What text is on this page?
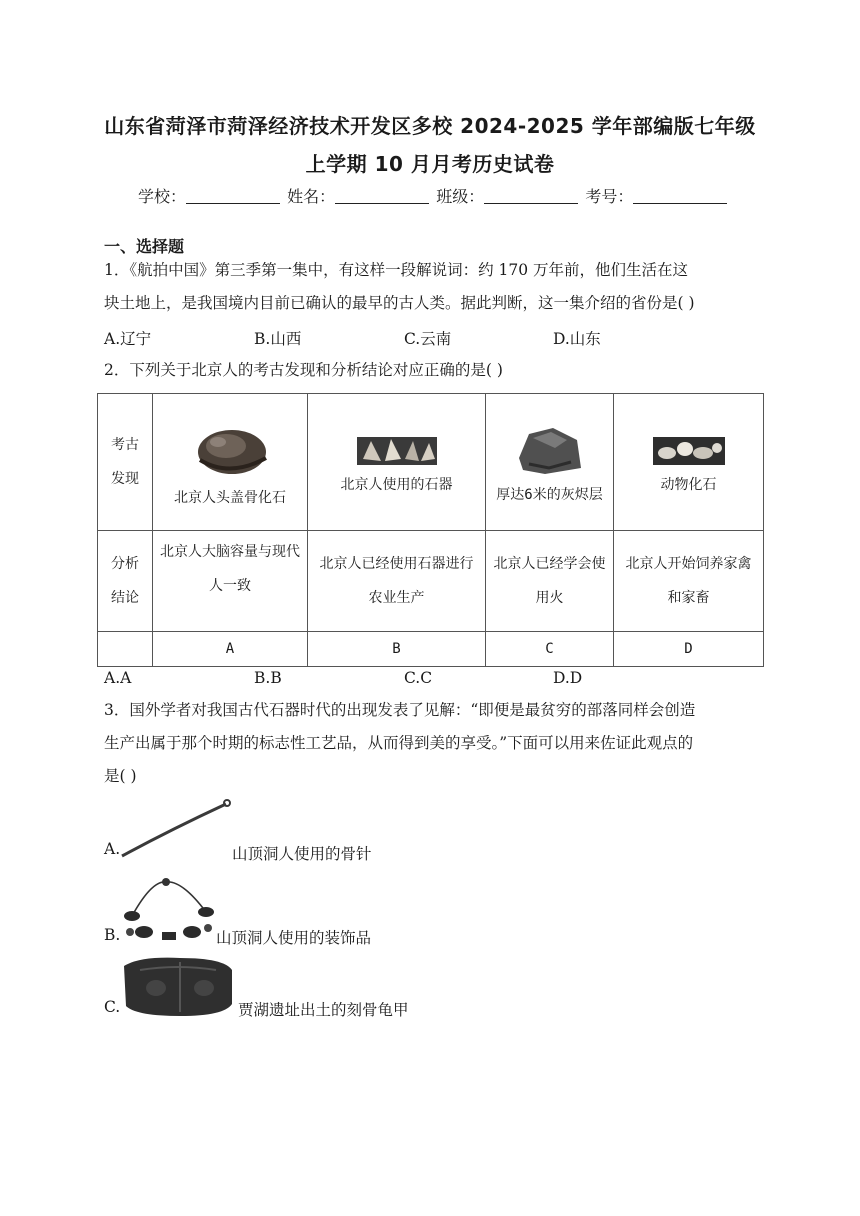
山东省菏泽市菏泽经济技术开发区多校 2024-2025 学年部编版七年级
上学期 10 月月考历史试卷
学校：	姓名：	班级：	考号：
一、选择题
1．《航拍中国》第三季第一集中，有这样一段解说词：约 170 万年前，他们生活在这
块土地上，是我国境内目前已确认的最早的古人类。据此判断，这一集介绍的省份是( )
A.辽宁	B.山西	C.云南	D.山东
2．下列关于北京人的考古发现和分析结论对应正确的是( )
考古
发现	北京人头盖骨化石	北京人使用的石器	厚达6米的灰烬层	动物化石

分析
结论	北京人大脑容量与现代人一致	北京人已经使用石器进行农业生产	北京人已经学会使用火	北京人开始饲养家禽和家畜
	A	B	C	D
A.A	B.B	C.C	D.D
3．国外学者对我国古代石器时代的出现发表了见解：“即便是最贫穷的部落同样会创造
生产出属于那个时期的标志性工艺品，从而得到美的享受。”下面可以用来佐证此观点的
是( )
A.	山顶洞人使用的骨针
B.	山顶洞人使用的装饰品
C.	贾湖遗址出土的刻骨龟甲
